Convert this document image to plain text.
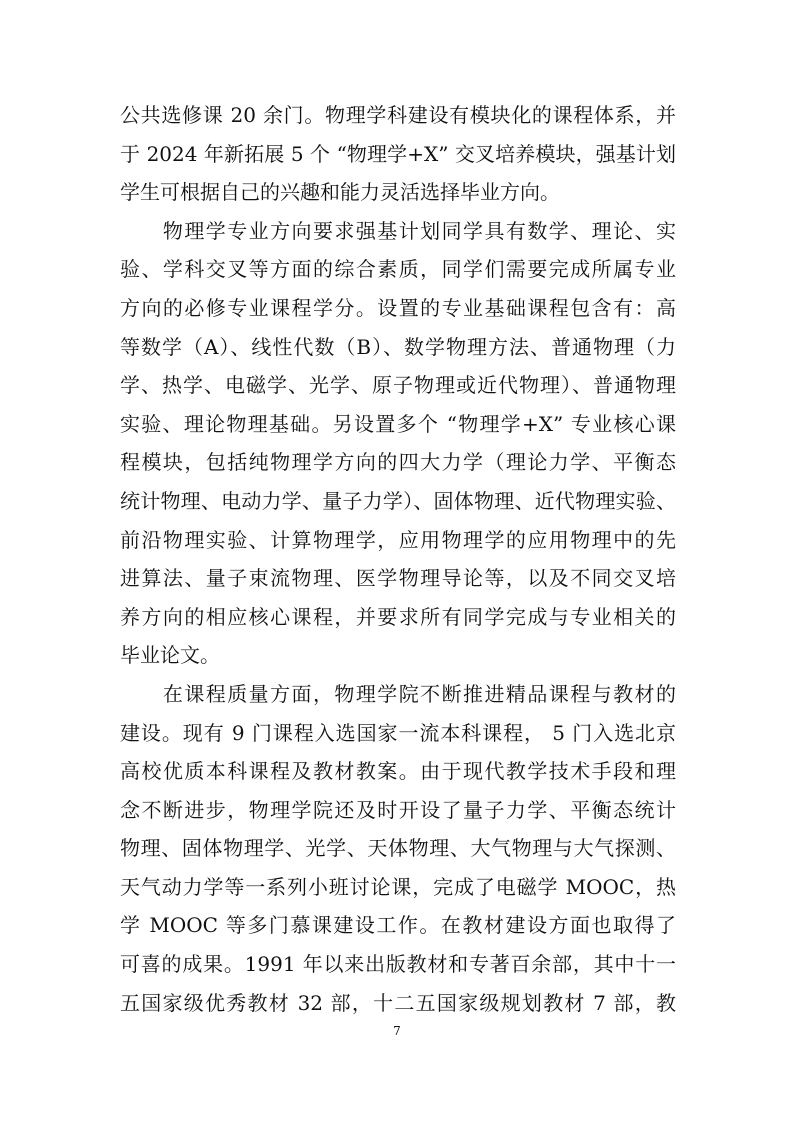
公共选修课 20 余门。物理学科建设有模块化的课程体系，并
于 2024 年新拓展 5 个 “物理学+X” 交叉培养模块，强基计划
学生可根据自己的兴趣和能力灵活选择毕业方向。
　　物理学专业方向要求强基计划同学具有数学、理论、实
验、学科交叉等方面的综合素质，同学们需要完成所属专业
方向的必修专业课程学分。设置的专业基础课程包含有：高
等数学（A）、线性代数（B）、数学物理方法、普通物理（力
学、热学、电磁学、光学、原子物理或近代物理）、普通物理
实验、理论物理基础。另设置多个 “物理学+X” 专业核心课
程模块，包括纯物理学方向的四大力学（理论力学、平衡态
统计物理、电动力学、量子力学）、固体物理、近代物理实验、
前沿物理实验、计算物理学，应用物理学的应用物理中的先
进算法、量子束流物理、医学物理导论等，以及不同交叉培
养方向的相应核心课程，并要求所有同学完成与专业相关的
毕业论文。
　　在课程质量方面，物理学院不断推进精品课程与教材的
建设。现有 9 门课程入选国家一流本科课程， 5 门入选北京
高校优质本科课程及教材教案。由于现代教学技术手段和理
念不断进步，物理学院还及时开设了量子力学、平衡态统计
物理、固体物理学、光学、天体物理、大气物理与大气探测、
天气动力学等一系列小班讨论课，完成了电磁学 MOOC，热
学 MOOC 等多门慕课建设工作。在教材建设方面也取得了
可喜的成果。1991 年以来出版教材和专著百余部，其中十一
五国家级优秀教材 32 部，十二五国家级规划教材 7 部，教
7
